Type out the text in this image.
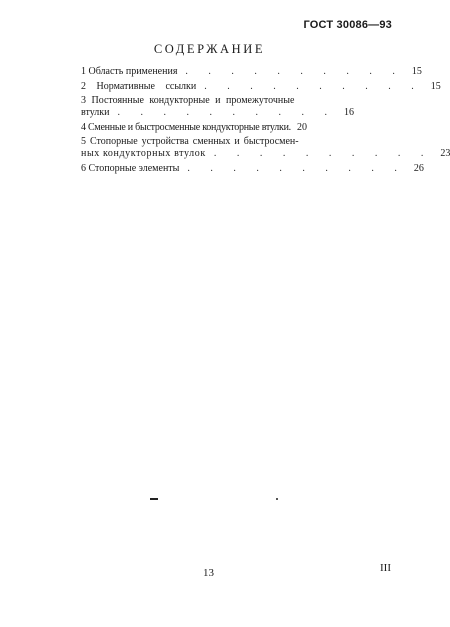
ГОСТ 30086—93
СОДЕРЖАНИЕ
1 Область применения . . . . . . . . . . 15
2 Нормативные ссылки . . . . . . . . . . 15
3 Постоянные кондукторные и промежуточные
втулки . . . . . . . . . . 16
4 Сменные и быстросменные кондукторные втулки. 20
5 Стопорные устройства сменных и быстросмен-
ных кондукторных втулок . . . . . . . . . . 23
6 Стопорные элементы . . . . . . . . . . 26
13	III
